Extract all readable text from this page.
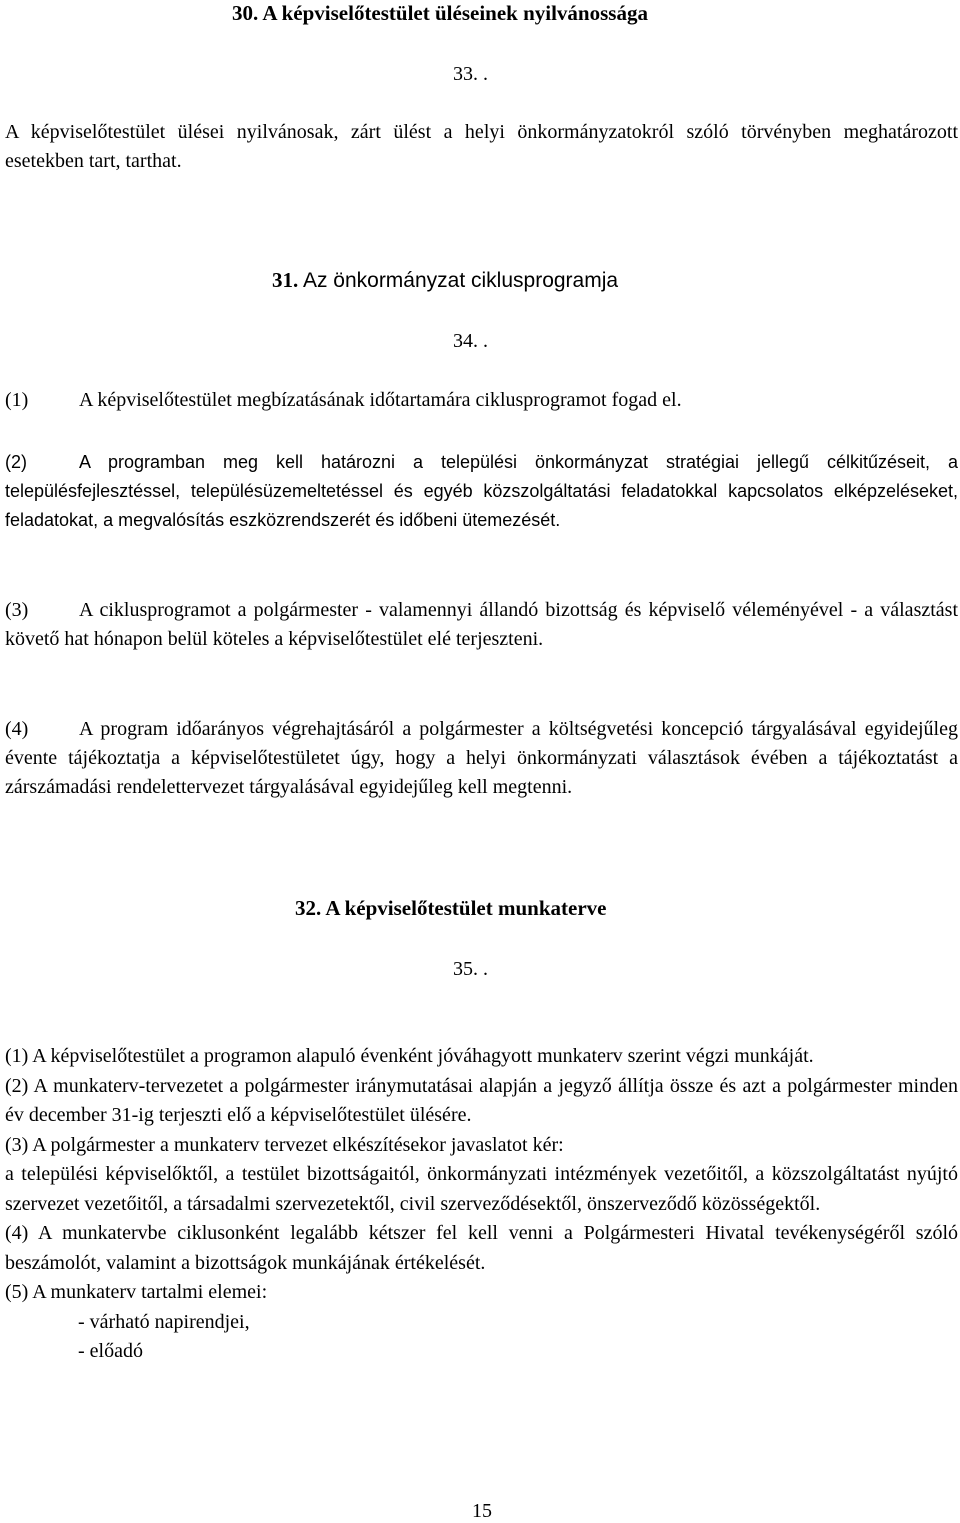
30. A képviselőtestület üléseinek nyilvánossága
33. .
A képviselőtestület ülései nyilvánosak, zárt ülést a helyi önkormányzatokról szóló törvényben meghatározott esetekben tart, tarthat.
31. Az önkormányzat ciklusprogramja
34. .
(1)	A képviselőtestület megbízatásának időtartamára ciklusprogramot fogad el.
(2)	A programban meg kell határozni a települési önkormányzat stratégiai jellegű célkitűzéseit, a településfejlesztéssel, településüzemeltetéssel és egyéb közszolgáltatási feladatokkal kapcsolatos elképzeléseket, feladatokat, a megvalósítás eszközrendszerét és időbeni ütemezését.
(3)	A ciklusprogramot a polgármester - valamennyi állandó bizottság és képviselő véleményével - a választást követő hat hónapon belül köteles a képviselőtestület elé terjeszteni.
(4)	A program időarányos végrehajtásáról a polgármester a költségvetési koncepció tárgyalásával egyidejűleg évente tájékoztatja a képviselőtestületet úgy, hogy a helyi önkormányzati választások évében a tájékoztatást a zárszámadási rendelettervezet tárgyalásával egyidejűleg kell megtenni.
32. A képviselőtestület munkaterve
35. .
(1) A képviselőtestület a programon alapuló évenként jóváhagyott munkaterv szerint végzi munkáját.
(2) A munkaterv-tervezetet a polgármester iránymutatásai alapján a jegyző állítja össze és azt a polgármester minden év december 31-ig terjeszti elő a képviselőtestület ülésére.
(3) A polgármester a munkaterv tervezet elkészítésekor javaslatot kér:
a települési képviselőktől, a testület bizottságaitól, önkormányzati intézmények vezetőitől, a közszolgáltatást nyújtó szervezet vezetőitől, a társadalmi szervezetektől, civil szerveződésektől, önszerveződő közösségektől.
(4) A munkatervbe ciklusonként legalább kétszer fel kell venni a Polgármesteri Hivatal tevékenységéről szóló beszámolót, valamint a bizottságok munkájának értékelését.
(5) A munkaterv tartalmi elemei:
- várható napirendjei,
- előadó
15
